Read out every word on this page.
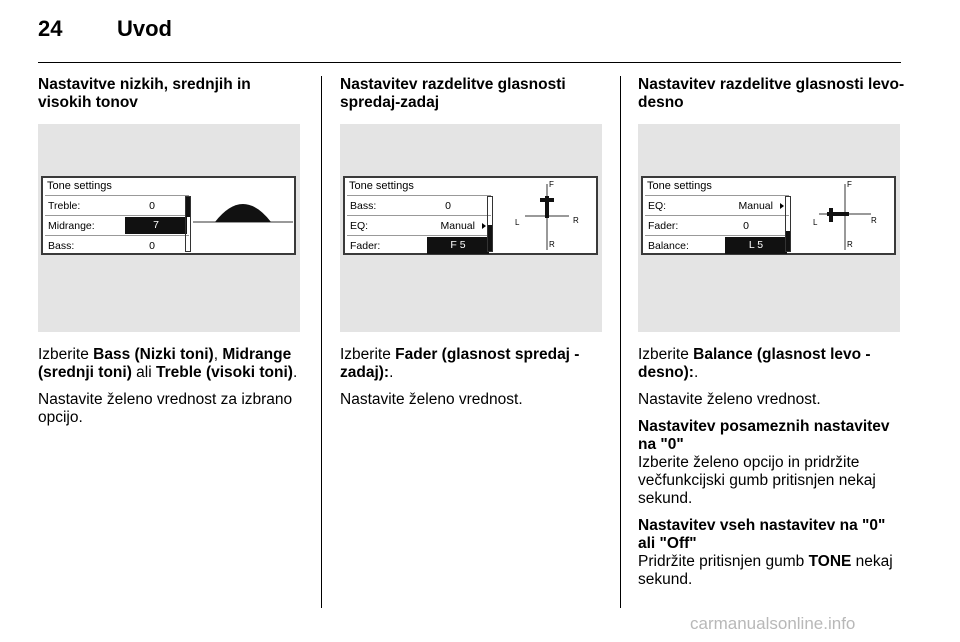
24 Uvod

Nastavitve nizkih, srednjih in visokih tonov

Tone settings
Treble:	0
Midrange:	7
Bass:	0

Izberite Bass (Nizki toni), Midrange (srednji toni) ali Treble (visoki toni).

Nastavite želeno vrednost za izbrano opcijo.

Nastavitev razdelitve glasnosti spredaj-zadaj

Tone settings
Bass:	0
EQ:	Manual
Fader:	F 5
F
R
L	R

Izberite Fader (glasnost spredaj - zadaj):.

Nastavite želeno vrednost.

Nastavitev razdelitve glasnosti levo-desno

Tone settings
EQ:	Manual
Fader:	0
Balance:	L 5
F
R
L	R

Izberite Balance (glasnost levo - desno):.

Nastavite želeno vrednost.

Nastavitev posameznih nastavitev na "0"

Izberite želeno opcijo in pridržite večfunkcijski gumb pritisnjen nekaj sekund.

Nastavitev vseh nastavitev na "0" ali "Off"

Pridržite pritisnjen gumb TONE nekaj sekund.

carmanualsonline.info
